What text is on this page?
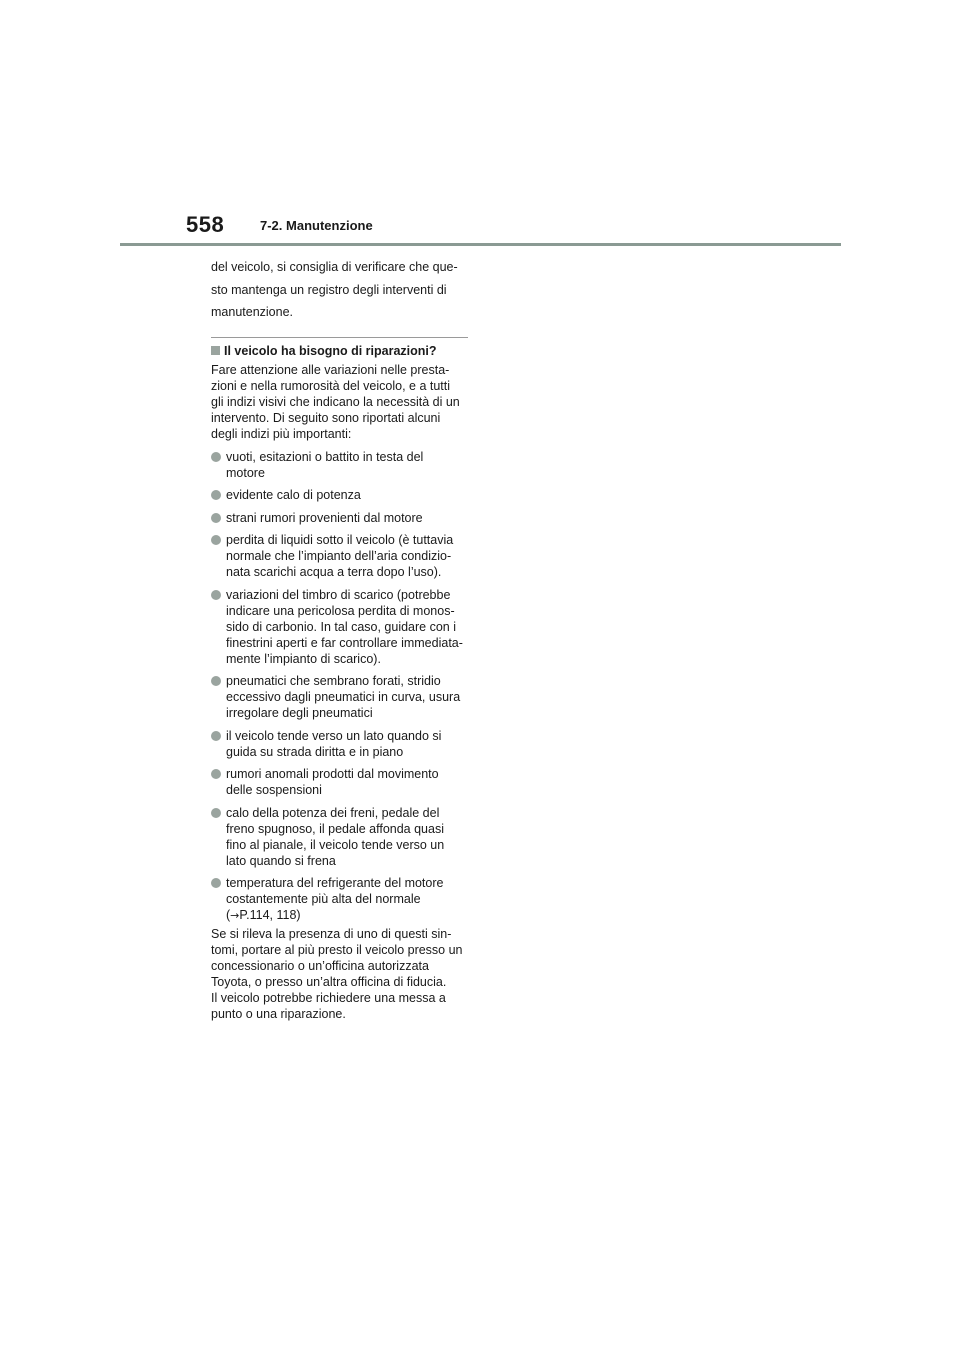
558	7-2. Manutenzione

del veicolo, si consiglia di verificare che que-
sto mantenga un registro degli interventi di
manutenzione.

Il veicolo ha bisogno di riparazioni?

Fare attenzione alle variazioni nelle presta-
zioni e nella rumorosità del veicolo, e a tutti
gli indizi visivi che indicano la necessità di un
intervento. Di seguito sono riportati alcuni
degli indizi più importanti:

vuoti, esitazioni o battito in testa del
motore
evidente calo di potenza
strani rumori provenienti dal motore
perdita di liquidi sotto il veicolo (è tuttavia
normale che l’impianto dell’aria condizio-
nata scarichi acqua a terra dopo l’uso).
variazioni del timbro di scarico (potrebbe
indicare una pericolosa perdita di monos-
sido di carbonio. In tal caso, guidare con i
finestrini aperti e far controllare immediata-
mente l’impianto di scarico).
pneumatici che sembrano forati, stridio
eccessivo dagli pneumatici in curva, usura
irregolare degli pneumatici
il veicolo tende verso un lato quando si
guida su strada diritta e in piano
rumori anomali prodotti dal movimento
delle sospensioni
calo della potenza dei freni, pedale del
freno spugnoso, il pedale affonda quasi
fino al pianale, il veicolo tende verso un
lato quando si frena
temperatura del refrigerante del motore
costantemente più alta del normale
(→P.114, 118)

Se si rileva la presenza di uno di questi sin-
tomi, portare al più presto il veicolo presso un
concessionario o un’officina autorizzata
Toyota, o presso un’altra officina di fiducia.
Il veicolo potrebbe richiedere una messa a
punto o una riparazione.
